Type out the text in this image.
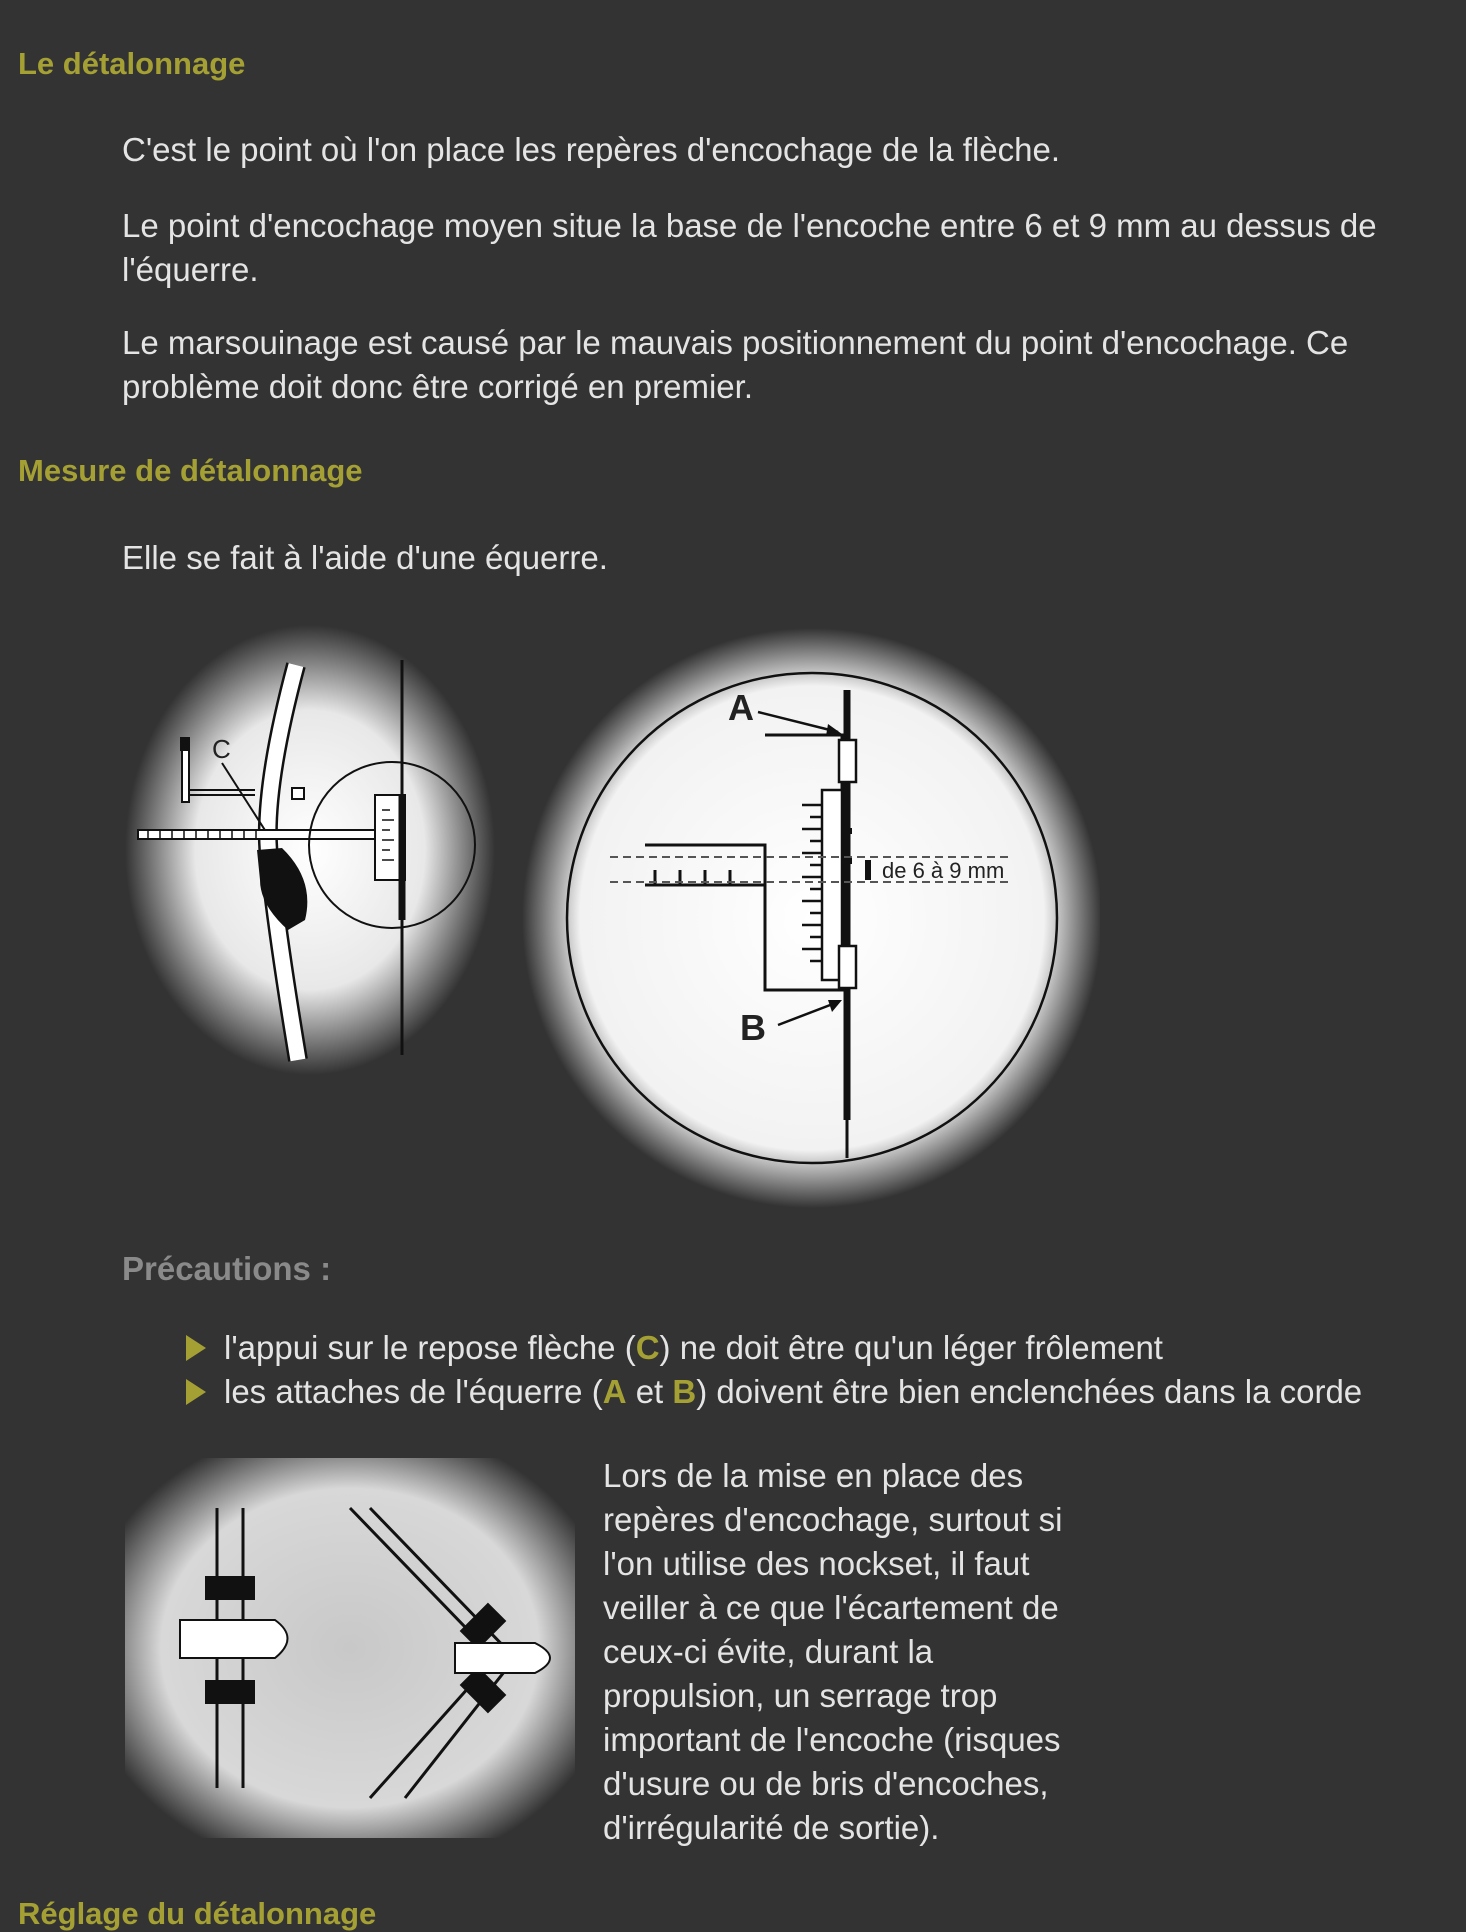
Le détalonnage

C'est le point où l'on place les repères d'encochage de la flèche.

Le point d'encochage moyen situe la base de l'encoche entre 6 et 9 mm au dessus de
l'équerre.

Le marsouinage est causé par le mauvais positionnement du point d'encochage. Ce
problème doit donc être corrigé en premier.

Mesure de détalonnage

Elle se fait à l'aide d'une équerre.

C
de 6 à 9 mm
A
B
Précautions :
l'appui sur le repose flèche (C) ne doit être qu'un léger frôlement
les attaches de l'équerre (A et B) doivent être bien enclenchées dans la corde

Lors de la mise en place des
repères d'encochage, surtout si
l'on utilise des nockset, il faut
veiller à ce que l'écartement de
ceux-ci évite, durant la
propulsion, un serrage trop
important de l'encoche (risques
d'usure ou de bris d'encoches,
d'irrégularité de sortie).

Réglage du détalonnage
